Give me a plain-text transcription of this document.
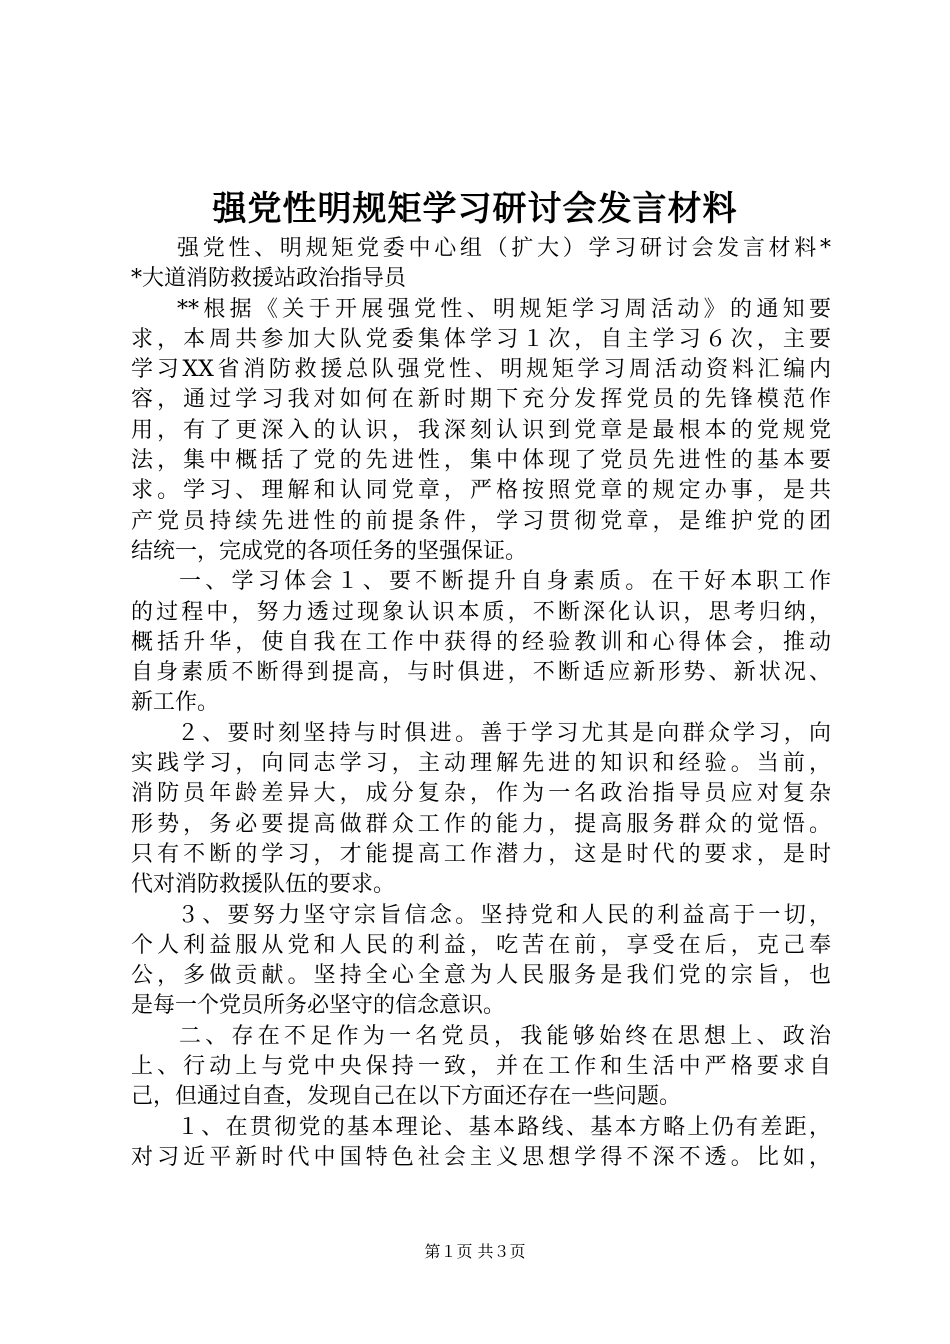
强党性明规矩学习研讨会发言材料
强党性、明规矩党委中心组（扩大）学习研讨会发言材料*
*大道消防救援站政治指导员
**根据《关于开展强党性、明规矩学习周活动》的通知要
求，本周共参加大队党委集体学习１次，自主学习６次，主要
学习XX省消防救援总队强党性、明规矩学习周活动资料汇编内
容，通过学习我对如何在新时期下充分发挥党员的先锋模范作
用，有了更深入的认识，我深刻认识到党章是最根本的党规党
法，集中概括了党的先进性，集中体现了党员先进性的基本要
求。学习、理解和认同党章，严格按照党章的规定办事，是共
产党员持续先进性的前提条件，学习贯彻党章，是维护党的团
结统一，完成党的各项任务的坚强保证。
一、学习体会１、要不断提升自身素质。在干好本职工作
的过程中，努力透过现象认识本质，不断深化认识，思考归纳，
概括升华，使自我在工作中获得的经验教训和心得体会，推动
自身素质不断得到提高，与时俱进，不断适应新形势、新状况、
新工作。
２、要时刻坚持与时俱进。善于学习尤其是向群众学习，向
实践学习，向同志学习，主动理解先进的知识和经验。当前，
消防员年龄差异大，成分复杂，作为一名政治指导员应对复杂
形势，务必要提高做群众工作的能力，提高服务群众的觉悟。
只有不断的学习，才能提高工作潜力，这是时代的要求，是时
代对消防救援队伍的要求。
３、要努力坚守宗旨信念。坚持党和人民的利益高于一切，
个人利益服从党和人民的利益，吃苦在前，享受在后，克己奉
公，多做贡献。坚持全心全意为人民服务是我们党的宗旨，也
是每一个党员所务必坚守的信念意识。
二、存在不足作为一名党员，我能够始终在思想上、政治
上、行动上与党中央保持一致，并在工作和生活中严格要求自
己，但通过自查，发现自己在以下方面还存在一些问题。
１、在贯彻党的基本理论、基本路线、基本方略上仍有差距，
对习近平新时代中国特色社会主义思想学得不深不透。比如，
第１页 共３页
